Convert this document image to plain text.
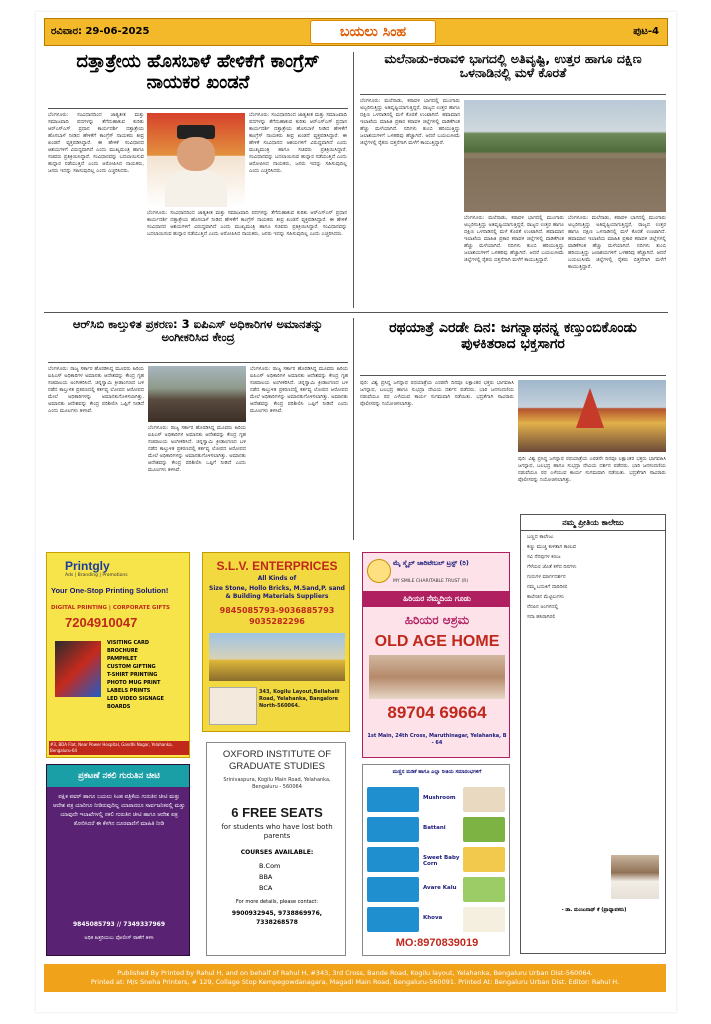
ರವಿವಾರ: 29-06-2025	ಬಯಲು ಸಿಂಹ	ಪುಟ-4
ದತ್ತಾತ್ರೇಯ ಹೊಸಬಾಳೆ ಹೇಳಿಕೆಗೆ ಕಾಂಗ್ರೆಸ್ ನಾಯಕರ ಖಂಡನೆ
ಬೆಂಗಳೂರು: ಸಂವಿಧಾನದಿಂದ ಜಾತ್ಯತೀತ ಮತ್ತು ಸಮಾಜವಾದಿ ಪದಗಳನ್ನು ತೆಗೆದುಹಾಕುವ ಕುರಿತು ಆರ್‌ಎಸ್‌ಎಸ್ ಪ್ರಧಾನ ಕಾರ್ಯದರ್ಶಿ ದತ್ತಾತ್ರೇಯ ಹೊಸಬಾಳೆ ನೀಡಿದ ಹೇಳಿಕೆಗೆ ಕಾಂಗ್ರೆಸ್ ನಾಯಕರು ತೀವ್ರ ಖಂಡನೆ ವ್ಯಕ್ತಪಡಿಸಿದ್ದಾರೆ. ಈ ಹೇಳಿಕೆ ಸಂವಿಧಾನದ ಆಶಯಗಳಿಗೆ ವಿರುದ್ಧವಾಗಿದೆ ಎಂದು ಮುಖ್ಯಮಂತ್ರಿ ಹಾಗೂ ಸಚಿವರು ಪ್ರತಿಕ್ರಿಯಿಸಿದ್ದಾರೆ. ಸಂವಿಧಾನವನ್ನು ಬದಲಾಯಿಸುವ ಹುನ್ನಾರ ನಡೆಯುತ್ತಿದೆ ಎಂದು ಆರೋಪಿಸಿದ ನಾಯಕರು, ಜನರು ಇದನ್ನು ಸಹಿಸುವುದಿಲ್ಲ ಎಂದು ಎಚ್ಚರಿಸಿದರು.
ಬೆಂಗಳೂರು: ಸಂವಿಧಾನದಿಂದ ಜಾತ್ಯತೀತ ಮತ್ತು ಸಮಾಜವಾದಿ ಪದಗಳನ್ನು ತೆಗೆದುಹಾಕುವ ಕುರಿತು ಆರ್‌ಎಸ್‌ಎಸ್ ಪ್ರಧಾನ ಕಾರ್ಯದರ್ಶಿ ದತ್ತಾತ್ರೇಯ ಹೊಸಬಾಳೆ ನೀಡಿದ ಹೇಳಿಕೆಗೆ ಕಾಂಗ್ರೆಸ್ ನಾಯಕರು ತೀವ್ರ ಖಂಡನೆ ವ್ಯಕ್ತಪಡಿಸಿದ್ದಾರೆ. ಈ ಹೇಳಿಕೆ ಸಂವಿಧಾನದ ಆಶಯಗಳಿಗೆ ವಿರುದ್ಧವಾಗಿದೆ ಎಂದು ಮುಖ್ಯಮಂತ್ರಿ ಹಾಗೂ ಸಚಿವರು ಪ್ರತಿಕ್ರಿಯಿಸಿದ್ದಾರೆ. ಸಂವಿಧಾನವನ್ನು ಬದಲಾಯಿಸುವ ಹುನ್ನಾರ ನಡೆಯುತ್ತಿದೆ ಎಂದು ಆರೋಪಿಸಿದ ನಾಯಕರು, ಜನರು ಇದನ್ನು ಸಹಿಸುವುದಿಲ್ಲ ಎಂದು ಎಚ್ಚರಿಸಿದರು.
ಬೆಂಗಳೂರು: ಸಂವಿಧಾನದಿಂದ ಜಾತ್ಯತೀತ ಮತ್ತು ಸಮಾಜವಾದಿ ಪದಗಳನ್ನು ತೆಗೆದುಹಾಕುವ ಕುರಿತು ಆರ್‌ಎಸ್‌ಎಸ್ ಪ್ರಧಾನ ಕಾರ್ಯದರ್ಶಿ ದತ್ತಾತ್ರೇಯ ಹೊಸಬಾಳೆ ನೀಡಿದ ಹೇಳಿಕೆಗೆ ಕಾಂಗ್ರೆಸ್ ನಾಯಕರು ತೀವ್ರ ಖಂಡನೆ ವ್ಯಕ್ತಪಡಿಸಿದ್ದಾರೆ. ಈ ಹೇಳಿಕೆ ಸಂವಿಧಾನದ ಆಶಯಗಳಿಗೆ ವಿರುದ್ಧವಾಗಿದೆ ಎಂದು ಮುಖ್ಯಮಂತ್ರಿ ಹಾಗೂ ಸಚಿವರು ಪ್ರತಿಕ್ರಿಯಿಸಿದ್ದಾರೆ. ಸಂವಿಧಾನವನ್ನು ಬದಲಾಯಿಸುವ ಹುನ್ನಾರ ನಡೆಯುತ್ತಿದೆ ಎಂದು ಆರೋಪಿಸಿದ ನಾಯಕರು, ಜನರು ಇದನ್ನು ಸಹಿಸುವುದಿಲ್ಲ ಎಂದು ಎಚ್ಚರಿಸಿದರು.
ಮಲೆನಾಡು-ಕರಾವಳಿ ಭಾಗದಲ್ಲಿ ಅತಿವೃಷ್ಟಿ, ಉತ್ತರ ಹಾಗೂ ದಕ್ಷಿಣ ಒಳನಾಡಿನಲ್ಲಿ ಮಳೆ ಕೊರತೆ
ಬೆಂಗಳೂರು: ಮಲೆನಾಡು, ಕರಾವಳಿ ಭಾಗದಲ್ಲಿ ಮುಂಗಾರು ಅಬ್ಬರಿಸುತ್ತಿದ್ದು ಅತಿವೃಷ್ಟಿಯಾಗುತ್ತಿದ್ದರೆ, ರಾಜ್ಯದ ಉತ್ತರ ಹಾಗೂ ದಕ್ಷಿಣ ಒಳನಾಡಿನಲ್ಲಿ ಮಳೆ ಕೊರತೆ ಉಂಟಾಗಿದೆ. ಹವಾಮಾನ ಇಲಾಖೆಯ ಮಾಹಿತಿ ಪ್ರಕಾರ ಕರಾವಳಿ ಜಿಲ್ಲೆಗಳಲ್ಲಿ ವಾಡಿಕೆಗಿಂತ ಹೆಚ್ಚು ಮಳೆಯಾಗಿದೆ. ನದಿಗಳು ತುಂಬಿ ಹರಿಯುತ್ತಿದ್ದು ಜಲಾಶಯಗಳಿಗೆ ಒಳಹರಿವು ಹೆಚ್ಚಾಗಿದೆ. ಆದರೆ ಬಯಲುಸೀಮೆ ಜಿಲ್ಲೆಗಳಲ್ಲಿ ರೈತರು ಬಿತ್ತನೆಗಾಗಿ ಮಳೆಗೆ ಕಾಯುತ್ತಿದ್ದಾರೆ.
ಬೆಂಗಳೂರು: ಮಲೆನಾಡು, ಕರಾವಳಿ ಭಾಗದಲ್ಲಿ ಮುಂಗಾರು ಅಬ್ಬರಿಸುತ್ತಿದ್ದು ಅತಿವೃಷ್ಟಿಯಾಗುತ್ತಿದ್ದರೆ, ರಾಜ್ಯದ ಉತ್ತರ ಹಾಗೂ ದಕ್ಷಿಣ ಒಳನಾಡಿನಲ್ಲಿ ಮಳೆ ಕೊರತೆ ಉಂಟಾಗಿದೆ. ಹವಾಮಾನ ಇಲಾಖೆಯ ಮಾಹಿತಿ ಪ್ರಕಾರ ಕರಾವಳಿ ಜಿಲ್ಲೆಗಳಲ್ಲಿ ವಾಡಿಕೆಗಿಂತ ಹೆಚ್ಚು ಮಳೆಯಾಗಿದೆ. ನದಿಗಳು ತುಂಬಿ ಹರಿಯುತ್ತಿದ್ದು ಜಲಾಶಯಗಳಿಗೆ ಒಳಹರಿವು ಹೆಚ್ಚಾಗಿದೆ. ಆದರೆ ಬಯಲುಸೀಮೆ ಜಿಲ್ಲೆಗಳಲ್ಲಿ ರೈತರು ಬಿತ್ತನೆಗಾಗಿ ಮಳೆಗೆ ಕಾಯುತ್ತಿದ್ದಾರೆ.
ಬೆಂಗಳೂರು: ಮಲೆನಾಡು, ಕರಾವಳಿ ಭಾಗದಲ್ಲಿ ಮುಂಗಾರು ಅಬ್ಬರಿಸುತ್ತಿದ್ದು ಅತಿವೃಷ್ಟಿಯಾಗುತ್ತಿದ್ದರೆ, ರಾಜ್ಯದ ಉತ್ತರ ಹಾಗೂ ದಕ್ಷಿಣ ಒಳನಾಡಿನಲ್ಲಿ ಮಳೆ ಕೊರತೆ ಉಂಟಾಗಿದೆ. ಹವಾಮಾನ ಇಲಾಖೆಯ ಮಾಹಿತಿ ಪ್ರಕಾರ ಕರಾವಳಿ ಜಿಲ್ಲೆಗಳಲ್ಲಿ ವಾಡಿಕೆಗಿಂತ ಹೆಚ್ಚು ಮಳೆಯಾಗಿದೆ. ನದಿಗಳು ತುಂಬಿ ಹರಿಯುತ್ತಿದ್ದು ಜಲಾಶಯಗಳಿಗೆ ಒಳಹರಿವು ಹೆಚ್ಚಾಗಿದೆ. ಆದರೆ ಬಯಲುಸೀಮೆ ಜಿಲ್ಲೆಗಳಲ್ಲಿ ರೈತರು ಬಿತ್ತನೆಗಾಗಿ ಮಳೆಗೆ ಕಾಯುತ್ತಿದ್ದಾರೆ.
ಆರ್‌ಸಿಬಿ ಕಾಲ್ತುಳಿತ ಪ್ರಕರಣ: 3 ಐಪಿಎಸ್ ಅಧಿಕಾರಿಗಳ ಅಮಾನತನ್ನು ಅಂಗೀಕರಿಸಿದ ಕೇಂದ್ರ
ಬೆಂಗಳೂರು: ರಾಜ್ಯ ಸರ್ಕಾರ ಹೊರಡಿಸಿದ್ದ ಮೂವರು ಹಿರಿಯ ಐಪಿಎಸ್ ಅಧಿಕಾರಿಗಳ ಅಮಾನತು ಆದೇಶವನ್ನು ಕೇಂದ್ರ ಗೃಹ ಸಚಿವಾಲಯ ಅಂಗೀಕರಿಸಿದೆ. ಚಿನ್ನಸ್ವಾಮಿ ಕ್ರೀಡಾಂಗಣದ ಬಳಿ ನಡೆದ ಕಾಲ್ತುಳಿತ ಪ್ರಕರಣದಲ್ಲಿ ಕರ್ತವ್ಯ ಲೋಪದ ಆರೋಪದ ಮೇಲೆ ಅಧಿಕಾರಿಗಳನ್ನು ಅಮಾನತುಗೊಳಿಸಲಾಗಿತ್ತು. ಅಮಾನತು ಆದೇಶವನ್ನು ಕೇಂದ್ರ ಪರಿಶೀಲಿಸಿ ಒಪ್ಪಿಗೆ ನೀಡಿದೆ ಎಂದು ಮೂಲಗಳು ತಿಳಿಸಿವೆ.
ಬೆಂಗಳೂರು: ರಾಜ್ಯ ಸರ್ಕಾರ ಹೊರಡಿಸಿದ್ದ ಮೂವರು ಹಿರಿಯ ಐಪಿಎಸ್ ಅಧಿಕಾರಿಗಳ ಅಮಾನತು ಆದೇಶವನ್ನು ಕೇಂದ್ರ ಗೃಹ ಸಚಿವಾಲಯ ಅಂಗೀಕರಿಸಿದೆ. ಚಿನ್ನಸ್ವಾಮಿ ಕ್ರೀಡಾಂಗಣದ ಬಳಿ ನಡೆದ ಕಾಲ್ತುಳಿತ ಪ್ರಕರಣದಲ್ಲಿ ಕರ್ತವ್ಯ ಲೋಪದ ಆರೋಪದ ಮೇಲೆ ಅಧಿಕಾರಿಗಳನ್ನು ಅಮಾನತುಗೊಳಿಸಲಾಗಿತ್ತು. ಅಮಾನತು ಆದೇಶವನ್ನು ಕೇಂದ್ರ ಪರಿಶೀಲಿಸಿ ಒಪ್ಪಿಗೆ ನೀಡಿದೆ ಎಂದು ಮೂಲಗಳು ತಿಳಿಸಿವೆ.
ಬೆಂಗಳೂರು: ರಾಜ್ಯ ಸರ್ಕಾರ ಹೊರಡಿಸಿದ್ದ ಮೂವರು ಹಿರಿಯ ಐಪಿಎಸ್ ಅಧಿಕಾರಿಗಳ ಅಮಾನತು ಆದೇಶವನ್ನು ಕೇಂದ್ರ ಗೃಹ ಸಚಿವಾಲಯ ಅಂಗೀಕರಿಸಿದೆ. ಚಿನ್ನಸ್ವಾಮಿ ಕ್ರೀಡಾಂಗಣದ ಬಳಿ ನಡೆದ ಕಾಲ್ತುಳಿತ ಪ್ರಕರಣದಲ್ಲಿ ಕರ್ತವ್ಯ ಲೋಪದ ಆರೋಪದ ಮೇಲೆ ಅಧಿಕಾರಿಗಳನ್ನು ಅಮಾನತುಗೊಳಿಸಲಾಗಿತ್ತು. ಅಮಾನತು ಆದೇಶವನ್ನು ಕೇಂದ್ರ ಪರಿಶೀಲಿಸಿ ಒಪ್ಪಿಗೆ ನೀಡಿದೆ ಎಂದು ಮೂಲಗಳು ತಿಳಿಸಿವೆ.
ರಥಯಾತ್ರೆ ಎರಡೇ ದಿನ: ಜಗನ್ನಾಥನನ್ನ ಕಣ್ತುಂಬಿಕೊಂಡು ಪುಳಕಿತರಾದ ಭಕ್ತಸಾಗರ
ಪುರಿ: ವಿಶ್ವ ಪ್ರಸಿದ್ಧ ಜಗನ್ನಾಥ ರಥಯಾತ್ರೆಯ ಎರಡನೇ ದಿನವೂ ಲಕ್ಷಾಂತರ ಭಕ್ತರು ಭಾಗವಹಿಸಿ ಜಗನ್ನಾಥ, ಬಲಭದ್ರ ಹಾಗೂ ಸುಭದ್ರಾ ದೇವಿಯ ದರ್ಶನ ಪಡೆದರು. ಭಾರಿ ಜನಸಂದಣಿಯ ನಡುವೆಯೂ ರಥ ಎಳೆಯುವ ಕಾರ್ಯ ಸುಗಮವಾಗಿ ನಡೆಯಿತು. ಭದ್ರತೆಗಾಗಿ ಸಾವಿರಾರು ಪೊಲೀಸರನ್ನು ನಿಯೋಜಿಸಲಾಗಿತ್ತು.
ಪುರಿ: ವಿಶ್ವ ಪ್ರಸಿದ್ಧ ಜಗನ್ನಾಥ ರಥಯಾತ್ರೆಯ ಎರಡನೇ ದಿನವೂ ಲಕ್ಷಾಂತರ ಭಕ್ತರು ಭಾಗವಹಿಸಿ ಜಗನ್ನಾಥ, ಬಲಭದ್ರ ಹಾಗೂ ಸುಭದ್ರಾ ದೇವಿಯ ದರ್ಶನ ಪಡೆದರು. ಭಾರಿ ಜನಸಂದಣಿಯ ನಡುವೆಯೂ ರಥ ಎಳೆಯುವ ಕಾರ್ಯ ಸುಗಮವಾಗಿ ನಡೆಯಿತು. ಭದ್ರತೆಗಾಗಿ ಸಾವಿರಾರು ಪೊಲೀಸರನ್ನು ನಿಯೋಜಿಸಲಾಗಿತ್ತು.
ನಮ್ಮ ಪ್ರೀತಿಯ ಕಾಲೇಜು
ಬಣ್ಣದ ಕಾಲೇಜು
ಕಣ್ಣು ಮುಚ್ಚಿ ಕುಳಿತಾಗ ಕಾಣುವ
ಸವಿ ನೆನಪುಗಳ ಕಣಜ
ಗೆಳೆಯರ ಜೊತೆ ಕಳೆದ ದಿನಗಳು
ಗುರುಗಳ ಮಾರ್ಗದರ್ಶನ
ನಮ್ಮ ಬದುಕಿಗೆ ದಾರಿದೀಪ
ಕಾಲೇಜಿನ ಮೆಟ್ಟಿಲುಗಳು
ನೆನಪಿನ ಅಂಗಳದಲ್ಲಿ
ಸದಾ ಹಸಿರಾಗಿರಲಿ
- ಡಾ. ಮಂಜುನಾಥ್ ಕೆ (ಪ್ರಾಧ್ಯಾಪಕರು)
Printgly
Ads | Branding | Promotions
Your One-Stop Printing Solution!
DIGITAL PRINTING | CORPORATE GIFTS
7204910047
VISITING CARD
BROCHURE
PAMPHLET
CUSTOM GIFTING
T-SHIRT PRINTING
PHOTO MUG PRINT
LABELS PRINTS
LED VIDEO SIGNAGE BOARDS
#3, BDA Flat, Near Power Hospital, Gandhi Nagar, Yelahanka, Bengaluru-64
ಪ್ರಕಟಣೆ ನಕಲಿ ಗುರುತಿನ ಚೀಟಿ
ಪಕ್ಷಿಕ ಪವರ್ ಹಾಗೂ ಬಯಲು ಸಿಂಹ ಪತ್ರಿಕೆಯ ಗುರುತಿನ ಚೀಟಿ ಮತ್ತು ಆದೇಶ ಪತ್ರ ಯಾರಿಗೂ ನೀಡಿರುವುದಿಲ್ಲ ಯಾರಾದರೂ ಸಾರ್ವಜನಿಕರಲ್ಲಿ ಮತ್ತು ಯಾವುದೇ ಇಲಾಖೆಗಳಲ್ಲಿ ನಕಲಿ ಗುರುತಿನ ಚೀಟಿ ಹಾಗೂ ಆದೇಶ ಪತ್ರ ತೋರಿಸಿದರೆ ಈ ಕೆಳಗಿನ ದೂರವಾಣಿಗೆ ಮಾಹಿತಿ ನೀಡಿ
9845085793 // 7349337969
ಅಧಿಕ ಹಿತ್ತರಿಯಲು ಪೋಲೀಸ್ ಠಾಣೆಗೆ ತಿಳಿಸಿ
S.L.V. ENTERPRICES
All Kinds of
Size Stone, Hollo Bricks, M.Sand,P. sand & Building Materials Suppliers
9845085793-9036885793 9035282296
343, Kogilu Layout,Bellahalli Road, Yelahanka, Bangalore North-560064.
OXFORD INSTITUTE OF GRADUATE STUDIES
Srinivaspura, Kogilu Main Road, Yelahanka, Bengaluru - 560064
6 FREE SEATS
for students who have lost both parents
COURSES AVAILABLE:
B.Com
BBA
BCA
For more details, please contact:
9900932945, 9738869976, 7338268578
ಮೈ ಸ್ಮೈಲ್ ಚಾರಿಟೇಬಲ್ ಟ್ರಸ್ಟ್ (ರಿ)
MY SMILE CHARITABLE TRUST (R)
ಹಿರಿಯರ ನೆಮ್ಮದಿಯ ಗೂಡು
ಹಿರಿಯರ ಆಶ್ರಮ
OLD AGE HOME
89704 69664
1st Main, 24th Cross, Maruthinagar, Yelahanka, B - 64
ಮಣ್ಣಿನ ಮಡಿಕೆ ಹಾಗೂ ಎಲ್ಲಾ ರೀತಿಯ ಸಮಾರಂಭಗಳಿಗೆ
Mushroom
Battani
Sweet Baby Corn
Avare Kalu
Khova
MO:8970839019
Published By Printed by Rahul H, and on behalf of Rahul H, #343, 3rd Cross, Bande Road, Kogilu layout, Yelahanka, Bengaluru Urban Dist-560064.
Printed at: M/s Sneha Printers, # 129, Collage Stop Kempegowdanagara, Magadi Main Road, Bengaluru-560091. Printed At: Bengaluru Urban Dist. Editor: Rahul H.
